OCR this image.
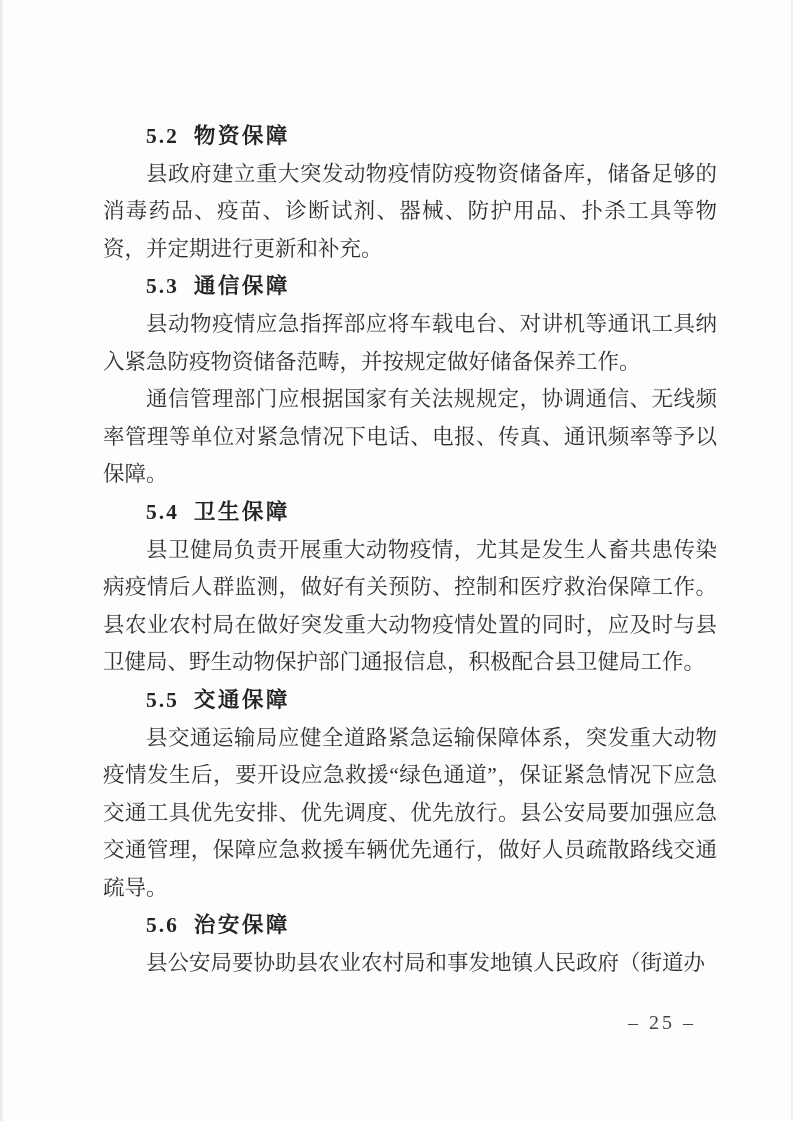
5.2 物资保障

县政府建立重大突发动物疫情防疫物资储备库，储备足够的消毒药品、疫苗、诊断试剂、器械、防护用品、扑杀工具等物资，并定期进行更新和补充。

5.3 通信保障

县动物疫情应急指挥部应将车载电台、对讲机等通讯工具纳入紧急防疫物资储备范畴，并按规定做好储备保养工作。

通信管理部门应根据国家有关法规规定，协调通信、无线频率管理等单位对紧急情况下电话、电报、传真、通讯频率等予以保障。

5.4 卫生保障

县卫健局负责开展重大动物疫情，尤其是发生人畜共患传染病疫情后人群监测，做好有关预防、控制和医疗救治保障工作。县农业农村局在做好突发重大动物疫情处置的同时，应及时与县卫健局、野生动物保护部门通报信息，积极配合县卫健局工作。

5.5 交通保障

县交通运输局应健全道路紧急运输保障体系，突发重大动物疫情发生后，要开设应急救援“绿色通道”，保证紧急情况下应急交通工具优先安排、优先调度、优先放行。县公安局要加强应急交通管理，保障应急救援车辆优先通行，做好人员疏散路线交通疏导。

5.6 治安保障

县公安局要协助县农业农村局和事发地镇人民政府（街道办

– 25 –
